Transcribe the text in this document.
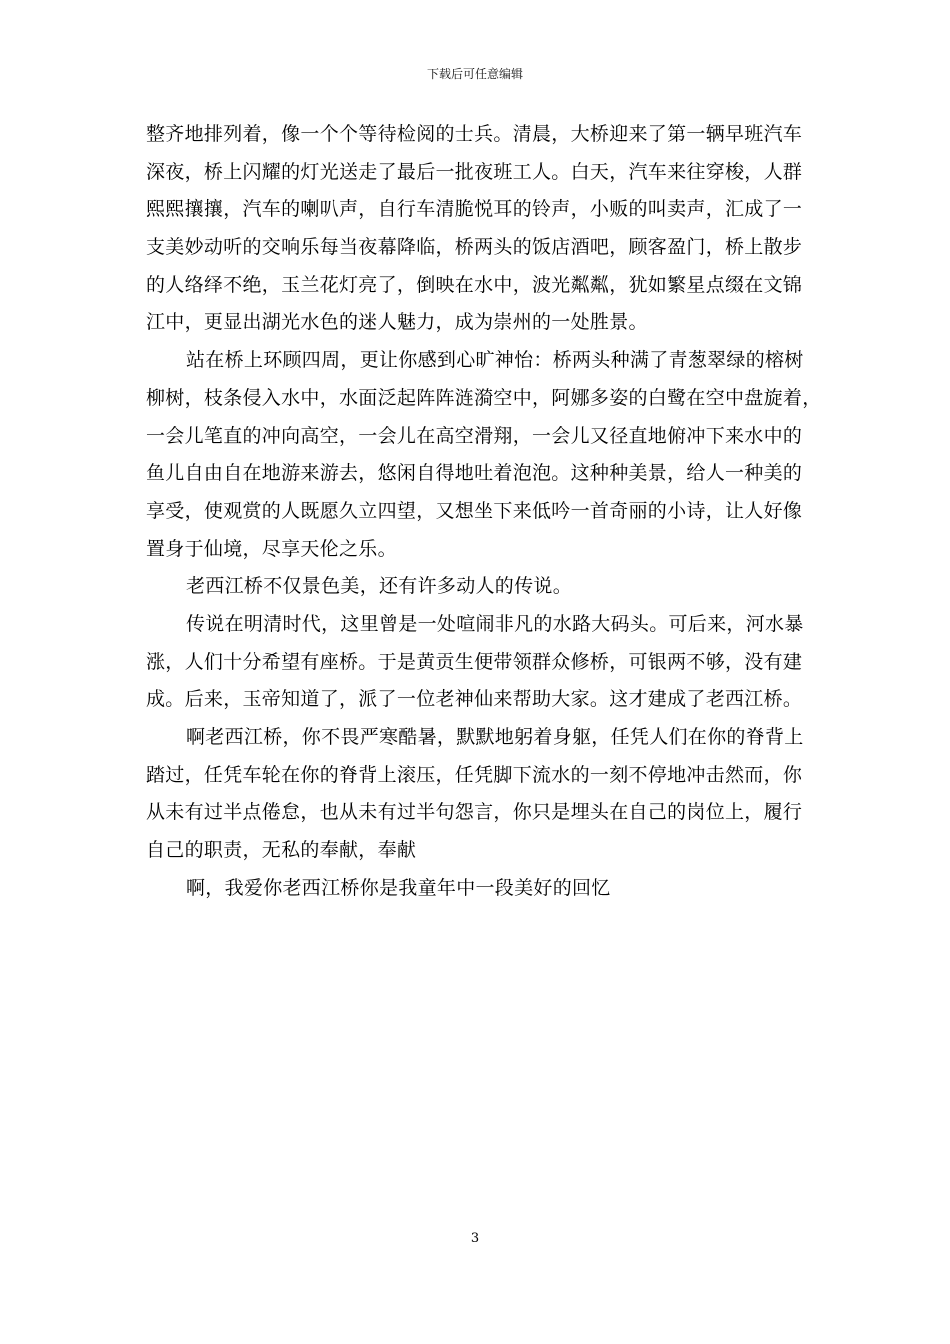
下载后可任意编辑
整齐地排列着，像一个个等待检阅的士兵。清晨，大桥迎来了第一辆早班汽车
深夜，桥上闪耀的灯光送走了最后一批夜班工人。白天，汽车来往穿梭，人群
熙熙攘攘，汽车的喇叭声，自行车清脆悦耳的铃声，小贩的叫卖声，汇成了一
支美妙动听的交响乐每当夜幕降临，桥两头的饭店酒吧，顾客盈门，桥上散步
的人络绎不绝，玉兰花灯亮了，倒映在水中，波光粼粼，犹如繁星点缀在文锦
江中，更显出湖光水色的迷人魅力，成为崇州的一处胜景。
站在桥上环顾四周，更让你感到心旷神怡：桥两头种满了青葱翠绿的榕树
柳树，枝条侵入水中，水面泛起阵阵涟漪空中，阿娜多姿的白鹭在空中盘旋着，
一会儿笔直的冲向高空，一会儿在高空滑翔，一会儿又径直地俯冲下来水中的
鱼儿自由自在地游来游去，悠闲自得地吐着泡泡。这种种美景，给人一种美的
享受，使观赏的人既愿久立四望，又想坐下来低吟一首奇丽的小诗，让人好像
置身于仙境，尽享天伦之乐。
老西江桥不仅景色美，还有许多动人的传说。
传说在明清时代，这里曾是一处喧闹非凡的水路大码头。可后来，河水暴
涨，人们十分希望有座桥。于是黄贡生便带领群众修桥，可银两不够，没有建
成。后来，玉帝知道了，派了一位老神仙来帮助大家。这才建成了老西江桥。
啊老西江桥，你不畏严寒酷暑，默默地躬着身躯，任凭人们在你的脊背上
踏过，任凭车轮在你的脊背上滚压，任凭脚下流水的一刻不停地冲击然而，你
从未有过半点倦怠，也从未有过半句怨言，你只是埋头在自己的岗位上，履行
自己的职责，无私的奉献，奉献
啊，我爱你老西江桥你是我童年中一段美好的回忆
3
